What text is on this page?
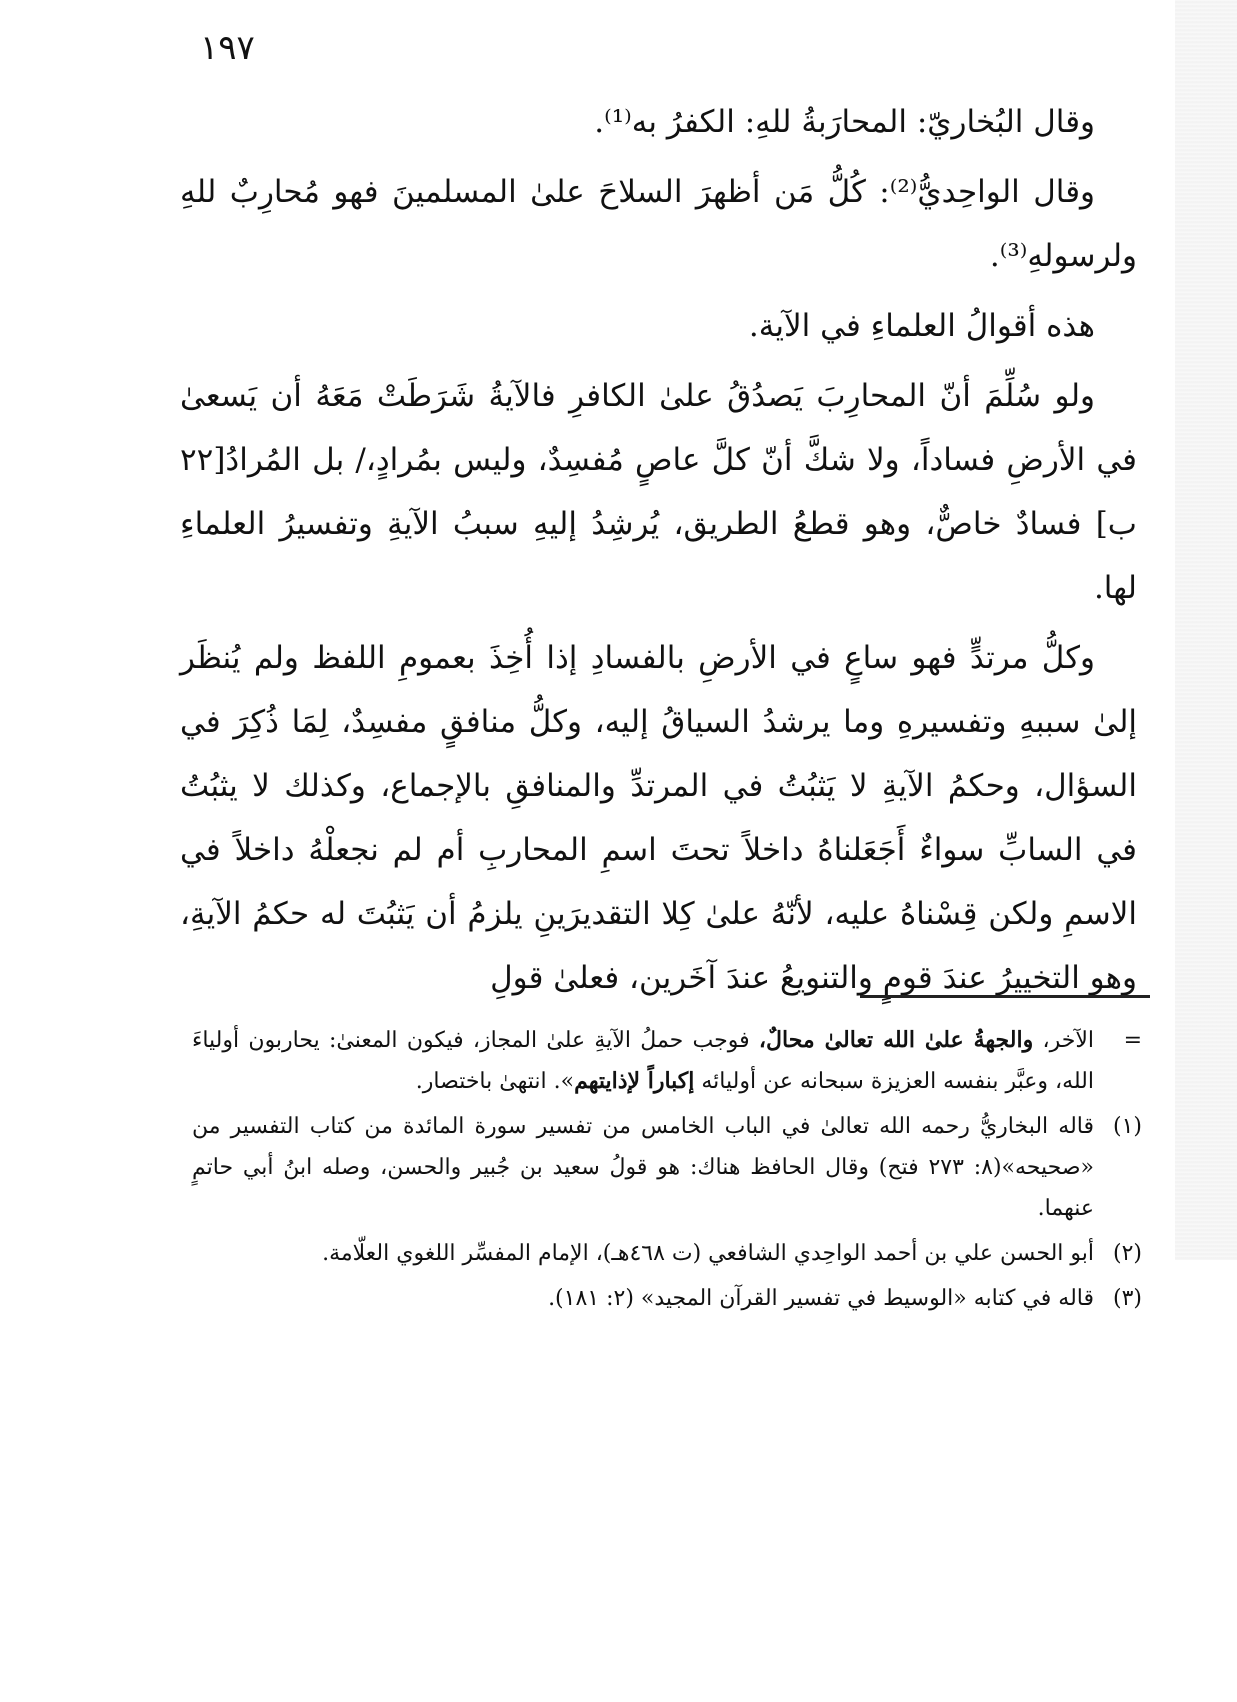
١٩٧

وقال البُخاريّ: المحارَبةُ للهِ: الكفرُ به⁽¹⁾.

وقال الواحِديُّ⁽²⁾: كُلُّ مَن أظهرَ السلاحَ علىٰ المسلمينَ فهو مُحارِبٌ للهِ ولرسولهِ⁽³⁾.

هذه أقوالُ العلماءِ في الآية.

ولو سُلِّمَ أنّ المحارِبَ يَصدُقُ علىٰ الكافرِ فالآيةُ شَرَطَتْ مَعَهُ أن يَسعىٰ في الأرضِ فساداً، ولا شكَّ أنّ كلَّ عاصٍ مُفسِدٌ، وليس بمُرادٍ،/ بل المُرادُ[٢٢ ب] فسادٌ خاصٌّ، وهو قطعُ الطريق، يُرشِدُ إليهِ سببُ الآيةِ وتفسيرُ العلماءِ لها.

وكلُّ مرتدٍّ فهو ساعٍ في الأرضِ بالفسادِ إذا أُخِذَ بعمومِ اللفظ ولم يُنظَر إلىٰ سببهِ وتفسيرهِ وما يرشدُ السياقُ إليه، وكلُّ منافقٍ مفسِدٌ، لِمَا ذُكِرَ في السؤال، وحكمُ الآيةِ لا يَثبُتُ في المرتدِّ والمنافقِ بالإجماع، وكذلك لا يثبُتُ في السابِّ سواءٌ أَجَعَلناهُ داخلاً تحتَ اسمِ المحاربِ أم لم نجعلْهُ داخلاً في الاسمِ ولكن قِسْناهُ عليه، لأنّهُ علىٰ كِلا التقديرَينِ يلزمُ أن يَثبُتَ له حكمُ الآيةِ، وهو التخييرُ عندَ قومٍ والتنويعُ عندَ آخَرين، فعلىٰ قولِ

=
الآخر، والجهةُ علىٰ الله تعالىٰ محالٌ، فوجب حملُ الآيةِ علىٰ المجاز، فيكون المعنىٰ: يحاربون أولياءَ الله، وعبَّر بنفسه العزيزة سبحانه عن أوليائه إكباراً لإذايتهم». انتهىٰ باختصار.
(١)
قاله البخاريُّ رحمه الله تعالىٰ في الباب الخامس من تفسير سورة المائدة من كتاب التفسير من «صحيحه»(٨: ٢٧٣ فتح) وقال الحافظ هناك: هو قولُ سعيد بن جُبير والحسن، وصله ابنُ أبي حاتمٍ عنهما.
(٢)
أبو الحسن علي بن أحمد الواحِدي الشافعي (ت ٤٦٨هـ)، الإمام المفسِّر اللغوي العلّامة.
(٣)
قاله في كتابه «الوسيط في تفسير القرآن المجيد» (٢: ١٨١).
